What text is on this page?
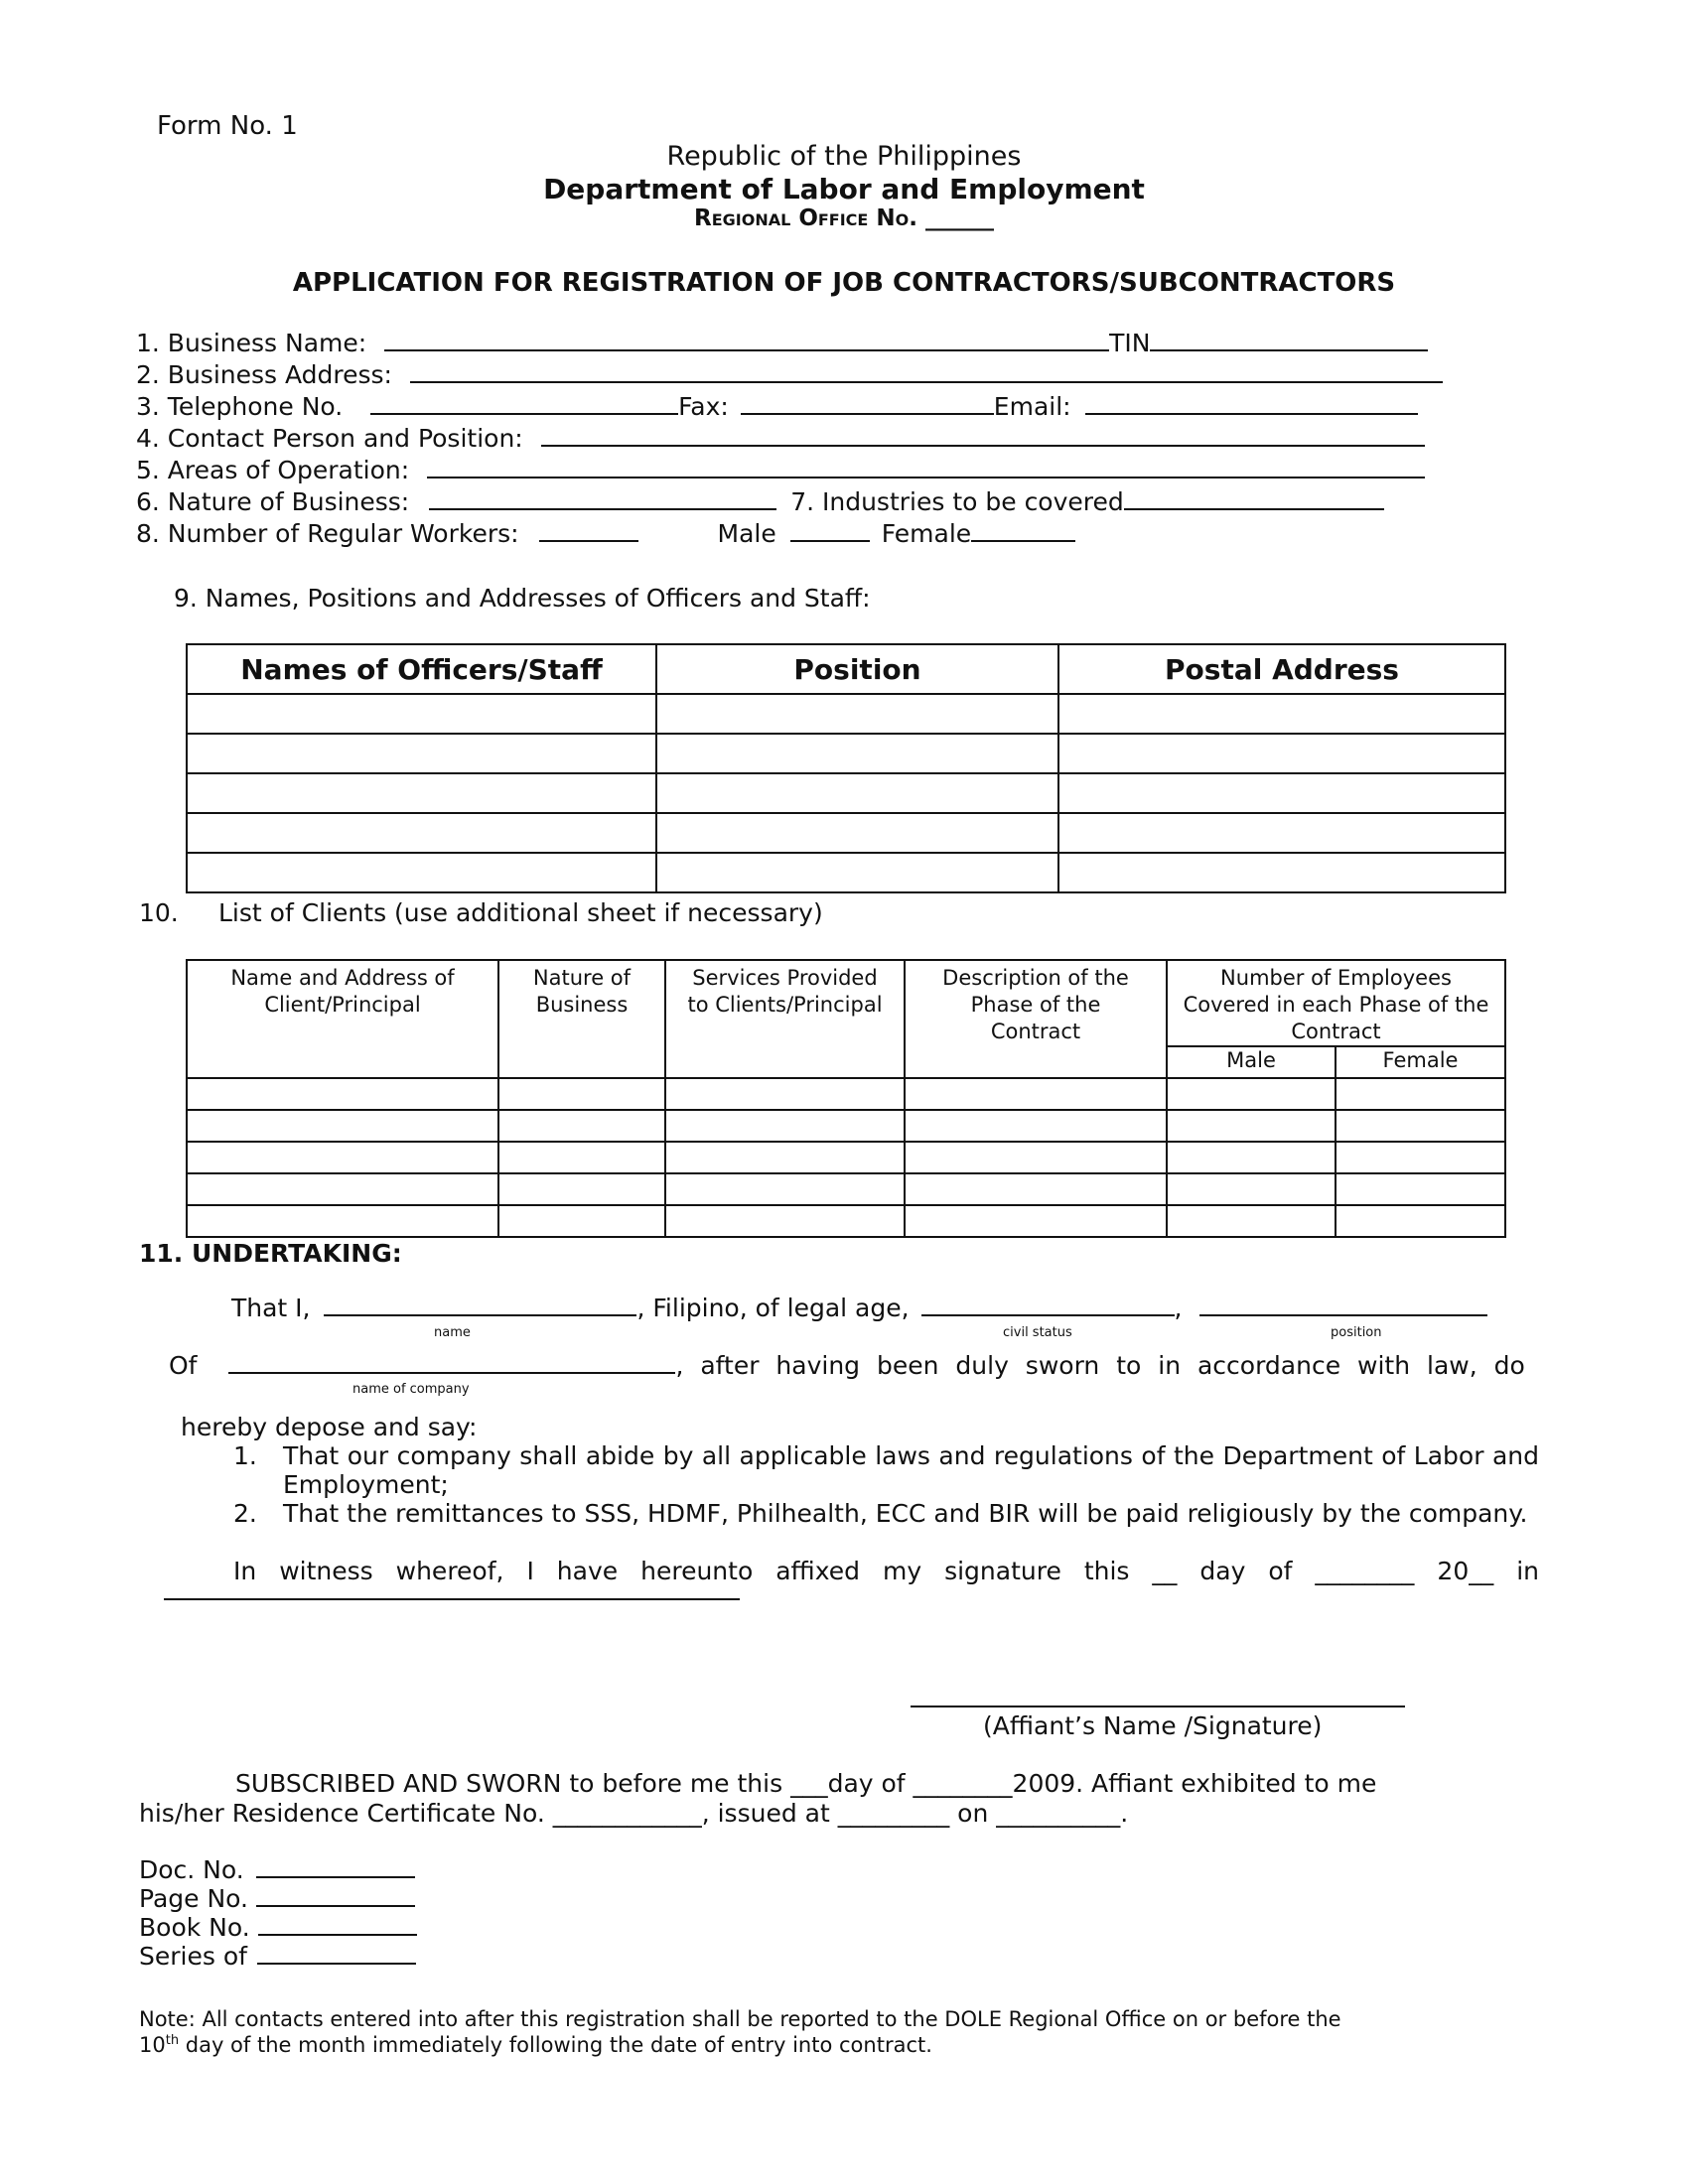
Form No. 1
Republic of the Philippines
Department of Labor and Employment
Regional Office No. ______
APPLICATION FOR REGISTRATION OF JOB CONTRACTORS/SUBCONTRACTORS
1. Business Name:	TIN
2. Business Address:
3. Telephone No.	Fax:	Email:
4. Contact Person and Position:
5. Areas of Operation:
6. Nature of Business:	7. Industries to be covered
8. Number of Regular Workers:	Male	Female
9. Names, Positions and Addresses of Officers and Staff:
Names of Officers/Staff	Position	Postal Address

10. List of Clients (use additional sheet if necessary)
Name and Address of Client/Principal	Nature of Business	Services Provided to Clients/Principal	Description of the Phase of the Contract	Number of Employees Covered in each Phase of the Contract	
				Male	Female

11. UNDERTAKING:
That I,	, Filipino, of legal age,	,
name	civil status	position
Of	, after having been duly sworn to in accordance with law, do
name of company
hereby depose and say:
1. That our company shall abide by all applicable laws and regulations of the Department of Labor and Employment;

2. That the remittances to SSS, HDMF, Philhealth, ECC and BIR will be paid religiously by the company.

In witness whereof, I have hereunto affixed my signature this __ day of ________ 20__ in

(Affiant’s Name /Signature)
SUBSCRIBED AND SWORN to before me this ___day of ________2009. Affiant exhibited to me
his/her Residence Certificate No. ____________, issued at _________ on __________.
Doc. No.
Page No.
Book No.
Series of
Note: All contacts entered into after this registration shall be reported to the DOLE Regional Office on or before the
10th day of the month immediately following the date of entry into contract.
